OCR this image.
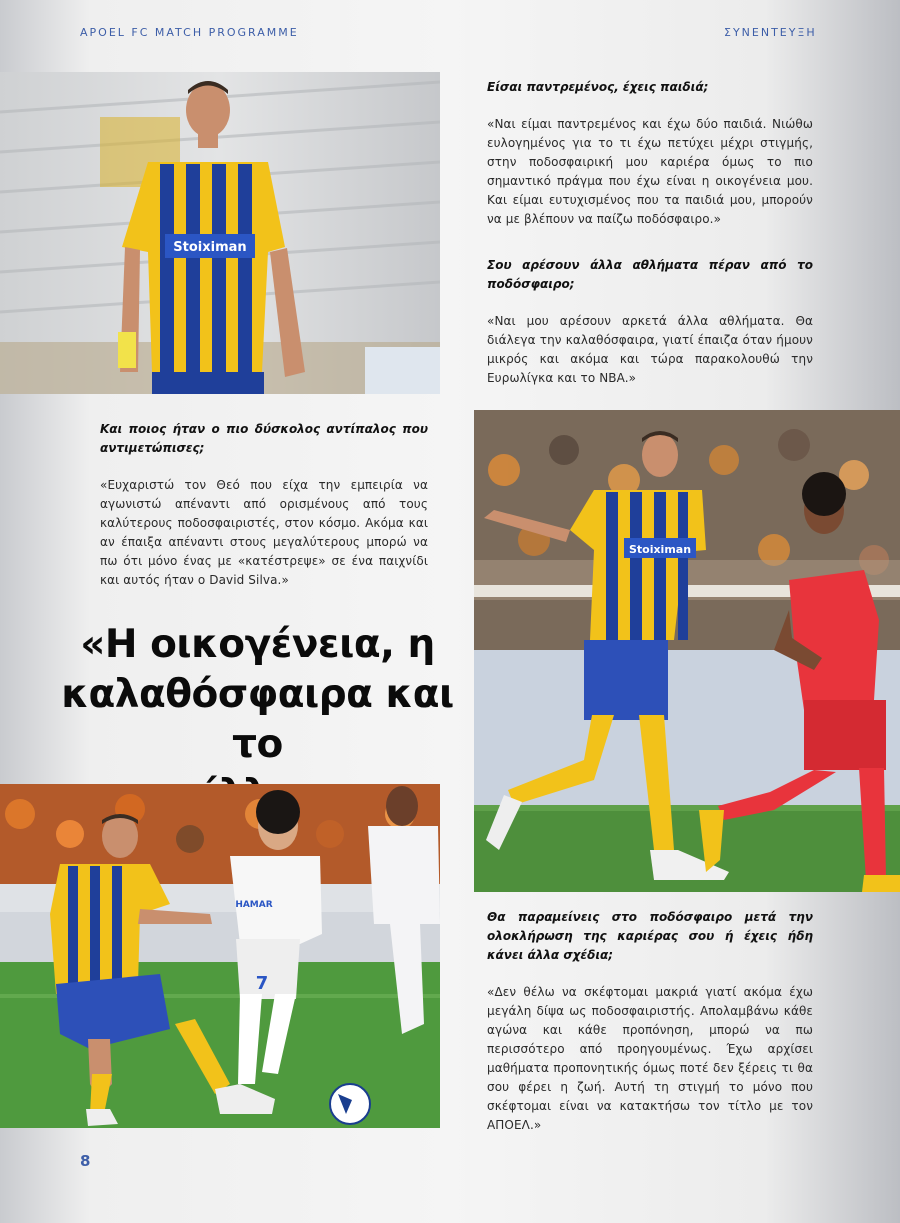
APOEL FC MATCH PROGRAMME	ΣΥΝΕΝΤΕΥΞΗ
Stoiximan

Είσαι παντρεμένος, έχεις παιδιά;

«Ναι είμαι παντρεμένος και έχω δύο παιδιά. Νιώθω ευλογημένος για το τι έχω πετύχει μέχρι στιγμής, στην ποδοσφαιρική μου καριέρα όμως το πιο σημαντικό πράγμα που έχω είναι η οικογένεια μου. Και είμαι ευτυχισμένος που τα παιδιά μου, μπορούν να με βλέπουν να παίζω ποδόσφαιρο.»

Σου αρέσουν άλλα αθλήματα πέραν από το ποδόσφαιρο;

«Ναι μου αρέσουν αρκετά άλλα αθλήματα. Θα διάλεγα την καλαθόσφαιρα, γιατί έπαιζα όταν ήμουν μικρός και ακόμα και τώρα παρακολουθώ την Ευρωλίγκα και το NBA.»

Και ποιος ήταν ο πιο δύσκολος αντίπαλος που αντιμετώπισες;

«Ευχαριστώ τον Θεό που είχα την εμπειρία να αγωνιστώ απέναντι από ορισμένους από τους καλύτερους ποδοσφαιριστές, στον κόσμο. Ακόμα και αν έπαιξα απέναντι στους μεγαλύτερους μπορώ να πω ότι μόνο ένας με «κατέστρεψε» σε ένα παιχνίδι και αυτός ήταν ο David Silva.»

«Η οικογένεια, η
καλαθόσφαιρα και το
Stoiximan
HAMAR
7

Θα παραμείνεις στο ποδόσφαιρο μετά την ολοκλήρωση της καριέρας σου ή έχεις ήδη κάνει άλλα σχέδια;

«Δεν θέλω να σκέφτομαι μακριά γιατί ακόμα έχω μεγάλη δίψα ως ποδοσφαιριστής. Απολαμβάνω κάθε αγώνα και κάθε προπόνηση, μπορώ να πω περισσότερο από προηγουμένως. Έχω αρχίσει μαθήματα προπονητικής όμως ποτέ δεν ξέρεις τι θα σου φέρει η ζωή. Αυτή τη στιγμή το μόνο που σκέφτομαι είναι να κατακτήσω τον τίτλο με τον ΑΠΟΕΛ.»

8
